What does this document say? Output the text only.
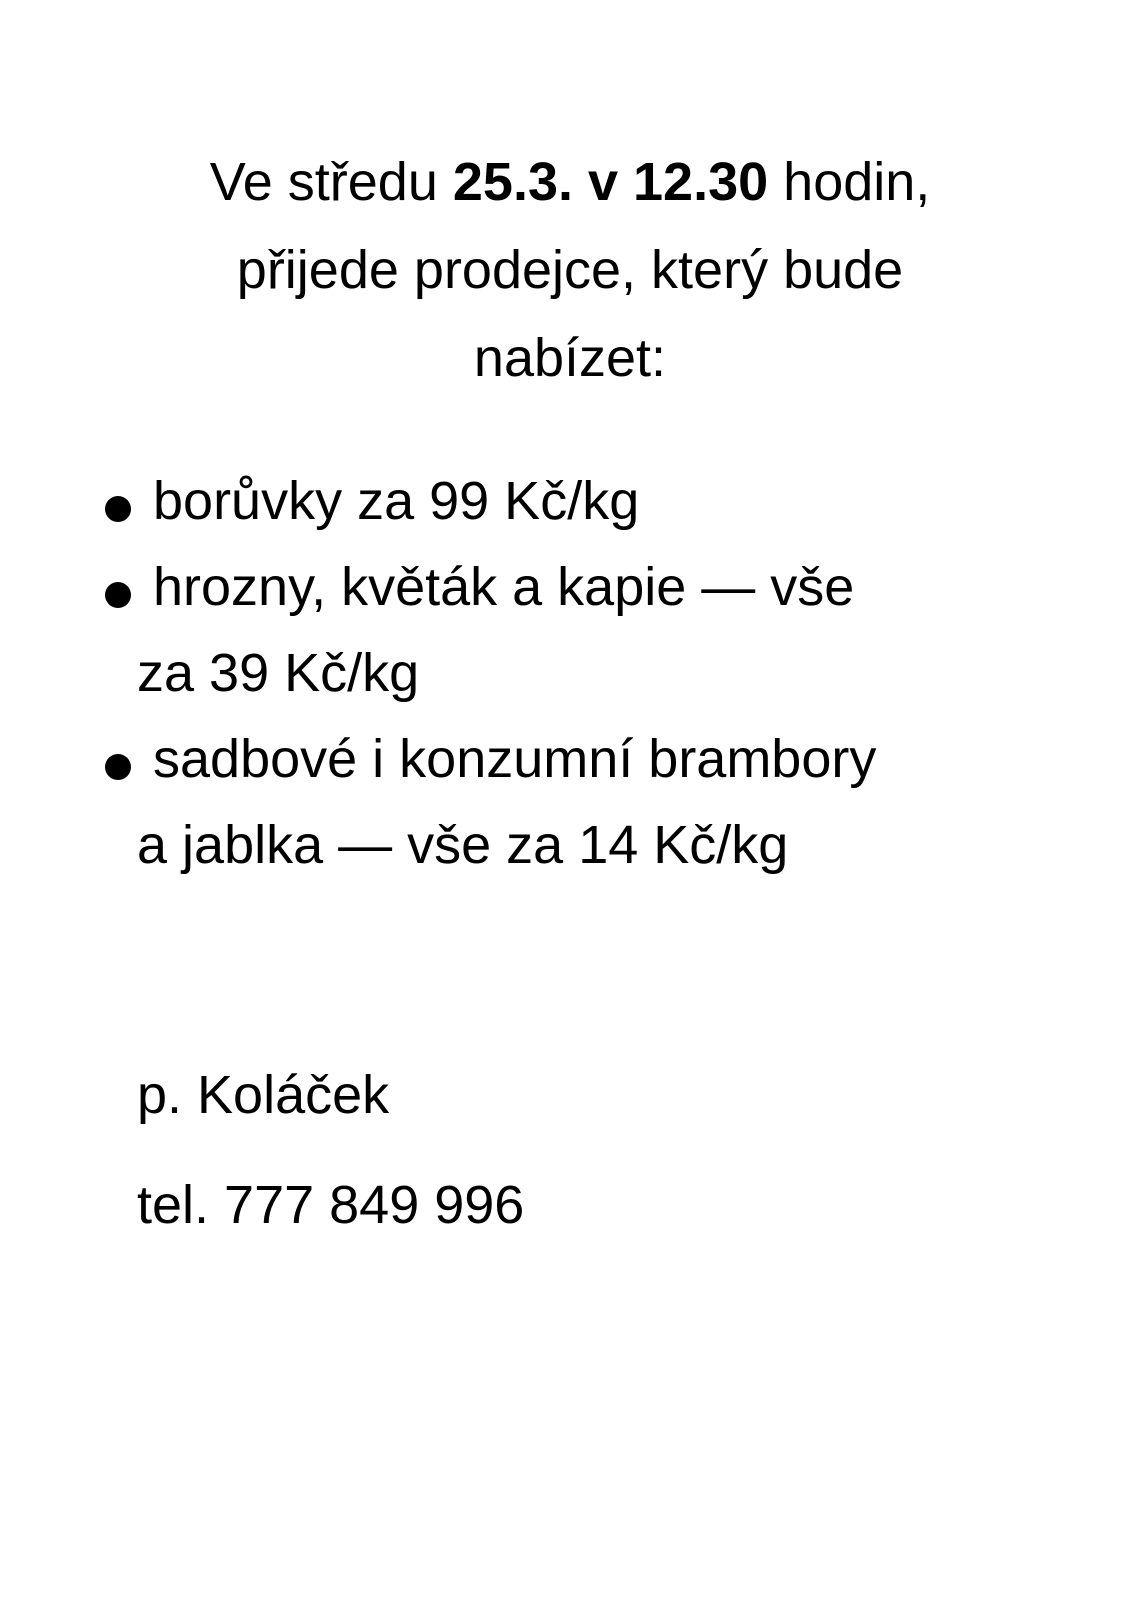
Ve středu 25.3. v 12.30 hodin,
přijede prodejce, který bude
nabízet:
borůvky za 99 Kč/kg
hrozny, květák a kapie — vše
za 39 Kč/kg
sadbové i konzumní brambory
a jablka — vše za 14 Kč/kg
p. Koláček
tel. 777 849 996
